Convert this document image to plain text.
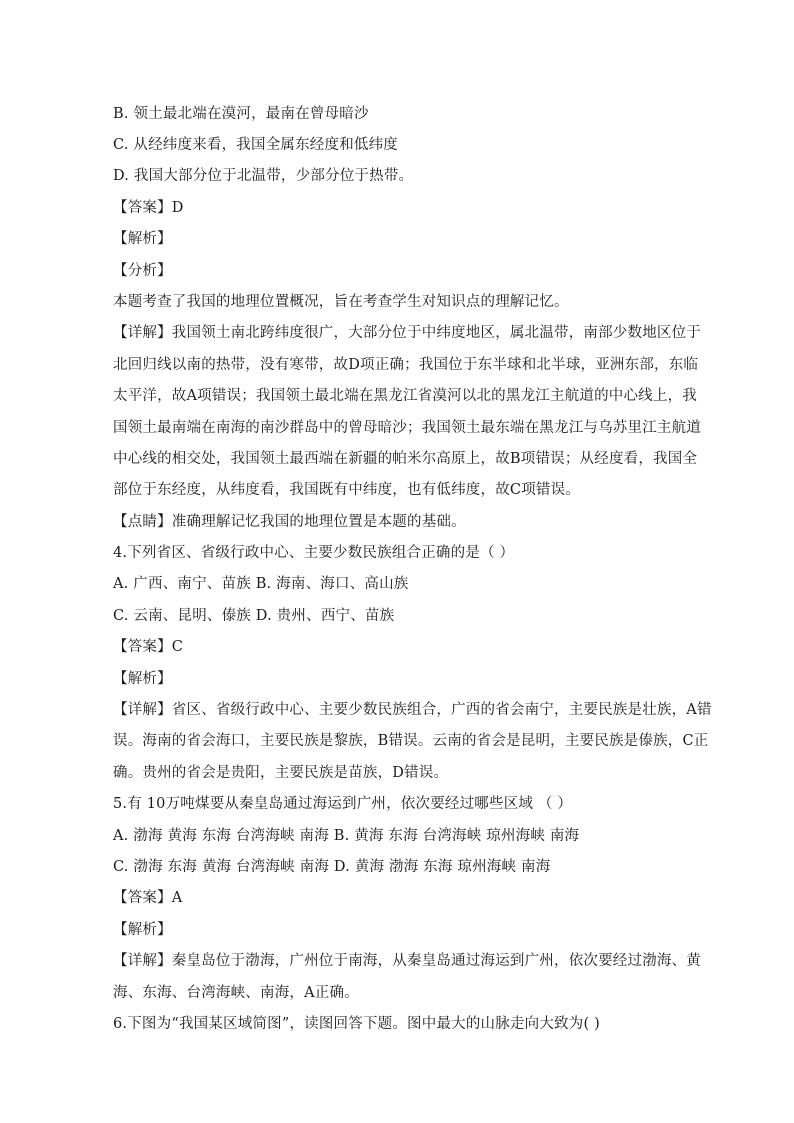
B. 领土最北端在漠河，最南在曾母暗沙
C. 从经纬度来看，我国全属东经度和低纬度
D. 我国大部分位于北温带，少部分位于热带。
【答案】D
【解析】
【分析】
本题考查了我国的地理位置概况，旨在考查学生对知识点的理解记忆。
【详解】我国领土南北跨纬度很广，大部分位于中纬度地区，属北温带，南部少数地区位于
北回归线以南的热带，没有寒带，故D项正确；我国位于东半球和北半球，亚洲东部，东临
太平洋，故A项错误；我国领土最北端在黑龙江省漠河以北的黑龙江主航道的中心线上，我
国领土最南端在南海的南沙群岛中的曾母暗沙；我国领土最东端在黑龙江与乌苏里江主航道
中心线的相交处，我国领土最西端在新疆的帕米尔高原上，故B项错误；从经度看，我国全
部位于东经度，从纬度看，我国既有中纬度，也有低纬度，故C项错误。
【点睛】准确理解记忆我国的地理位置是本题的基础。
4.下列省区、省级行政中心、主要少数民族组合正确的是（ ）
A. 广西、南宁、苗族 B. 海南、海口、高山族
C. 云南、昆明、傣族 D. 贵州、西宁、苗族
【答案】C
【解析】
【详解】省区、省级行政中心、主要少数民族组合，广西的省会南宁，主要民族是壮族，A错
误。海南的省会海口，主要民族是黎族，B错误。云南的省会是昆明，主要民族是傣族，C正
确。贵州的省会是贵阳，主要民族是苗族，D错误。
5.有 10万吨煤要从秦皇岛通过海运到广州，依次要经过哪些区域 （ ）
A. 渤海 黄海 东海 台湾海峡 南海 B. 黄海 东海 台湾海峡 琼州海峡 南海
C. 渤海 东海 黄海 台湾海峡 南海 D. 黄海 渤海 东海 琼州海峡 南海
【答案】A
【解析】
【详解】秦皇岛位于渤海，广州位于南海，从秦皇岛通过海运到广州，依次要经过渤海、黄
海、东海、台湾海峡、南海，A正确。
6.下图为“我国某区域简图”，读图回答下题。图中最大的山脉走向大致为( )
